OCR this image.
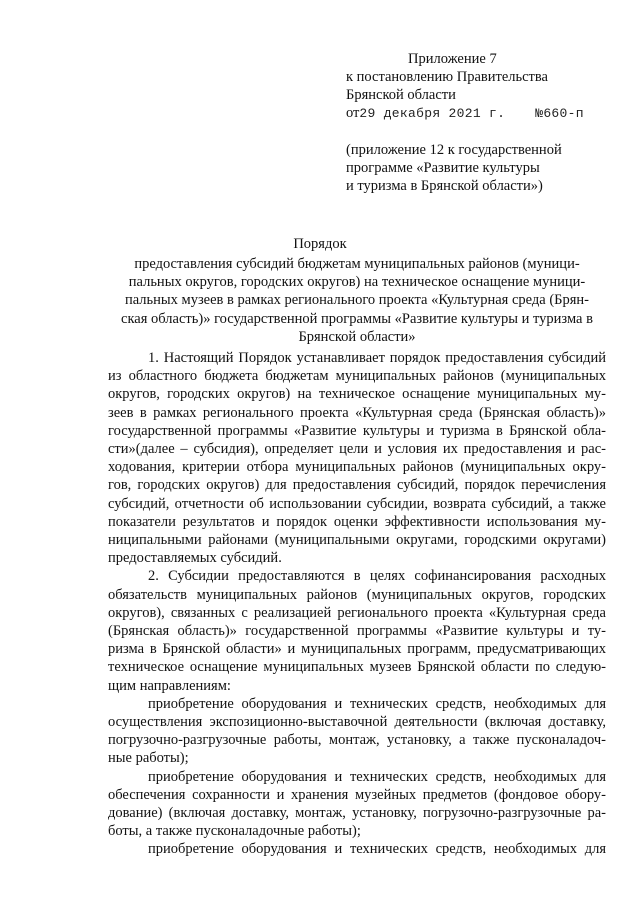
Приложение 7
к постановлению Правительства
Брянской области
от29 декабря 2021 г. №660-п
(приложение 12 к государственной
программе «Развитие культуры
и туризма в Брянской области»)
Порядок
предоставления субсидий бюджетам муниципальных районов (муници-
пальных округов, городских округов) на техническое оснащение муници-
пальных музеев в рамках регионального проекта «Культурная среда (Брян-
ская область)» государственной программы «Развитие культуры и туризма в
Брянской области»
1. Настоящий Порядок устанавливает порядок предоставления субсидий
из областного бюджета бюджетам муниципальных районов (муниципальных
округов, городских округов) на техническое оснащение муниципальных му-
зеев в рамках регионального проекта «Культурная среда (Брянская область)»
государственной программы «Развитие культуры и туризма в Брянской обла-
сти»(далее – субсидия), определяет цели и условия их предоставления и рас-
ходования, критерии отбора муниципальных районов (муниципальных окру-
гов, городских округов) для предоставления субсидий, порядок перечисления
субсидий, отчетности об использовании субсидии, возврата субсидий, а также
показатели результатов и порядок оценки эффективности использования му-
ниципальными районами (муниципальными округами, городскими округами)
предоставляемых субсидий.
2. Субсидии предоставляются в целях софинансирования расходных
обязательств муниципальных районов (муниципальных округов, городских
округов), связанных с реализацией регионального проекта «Культурная среда
(Брянская область)» государственной программы «Развитие культуры и ту-
ризма в Брянской области» и муниципальных программ, предусматривающих
техническое оснащение муниципальных музеев Брянской области по следую-
щим направлениям:
приобретение оборудования и технических средств, необходимых для
осуществления экспозиционно-выставочной деятельности (включая доставку,
погрузочно-разгрузочные работы, монтаж, установку, а также пусконаладоч-
ные работы);
приобретение оборудования и технических средств, необходимых для
обеспечения сохранности и хранения музейных предметов (фондовое обору-
дование) (включая доставку, монтаж, установку, погрузочно-разгрузочные ра-
боты, а также пусконаладочные работы);
приобретение оборудования и технических средств, необходимых для
